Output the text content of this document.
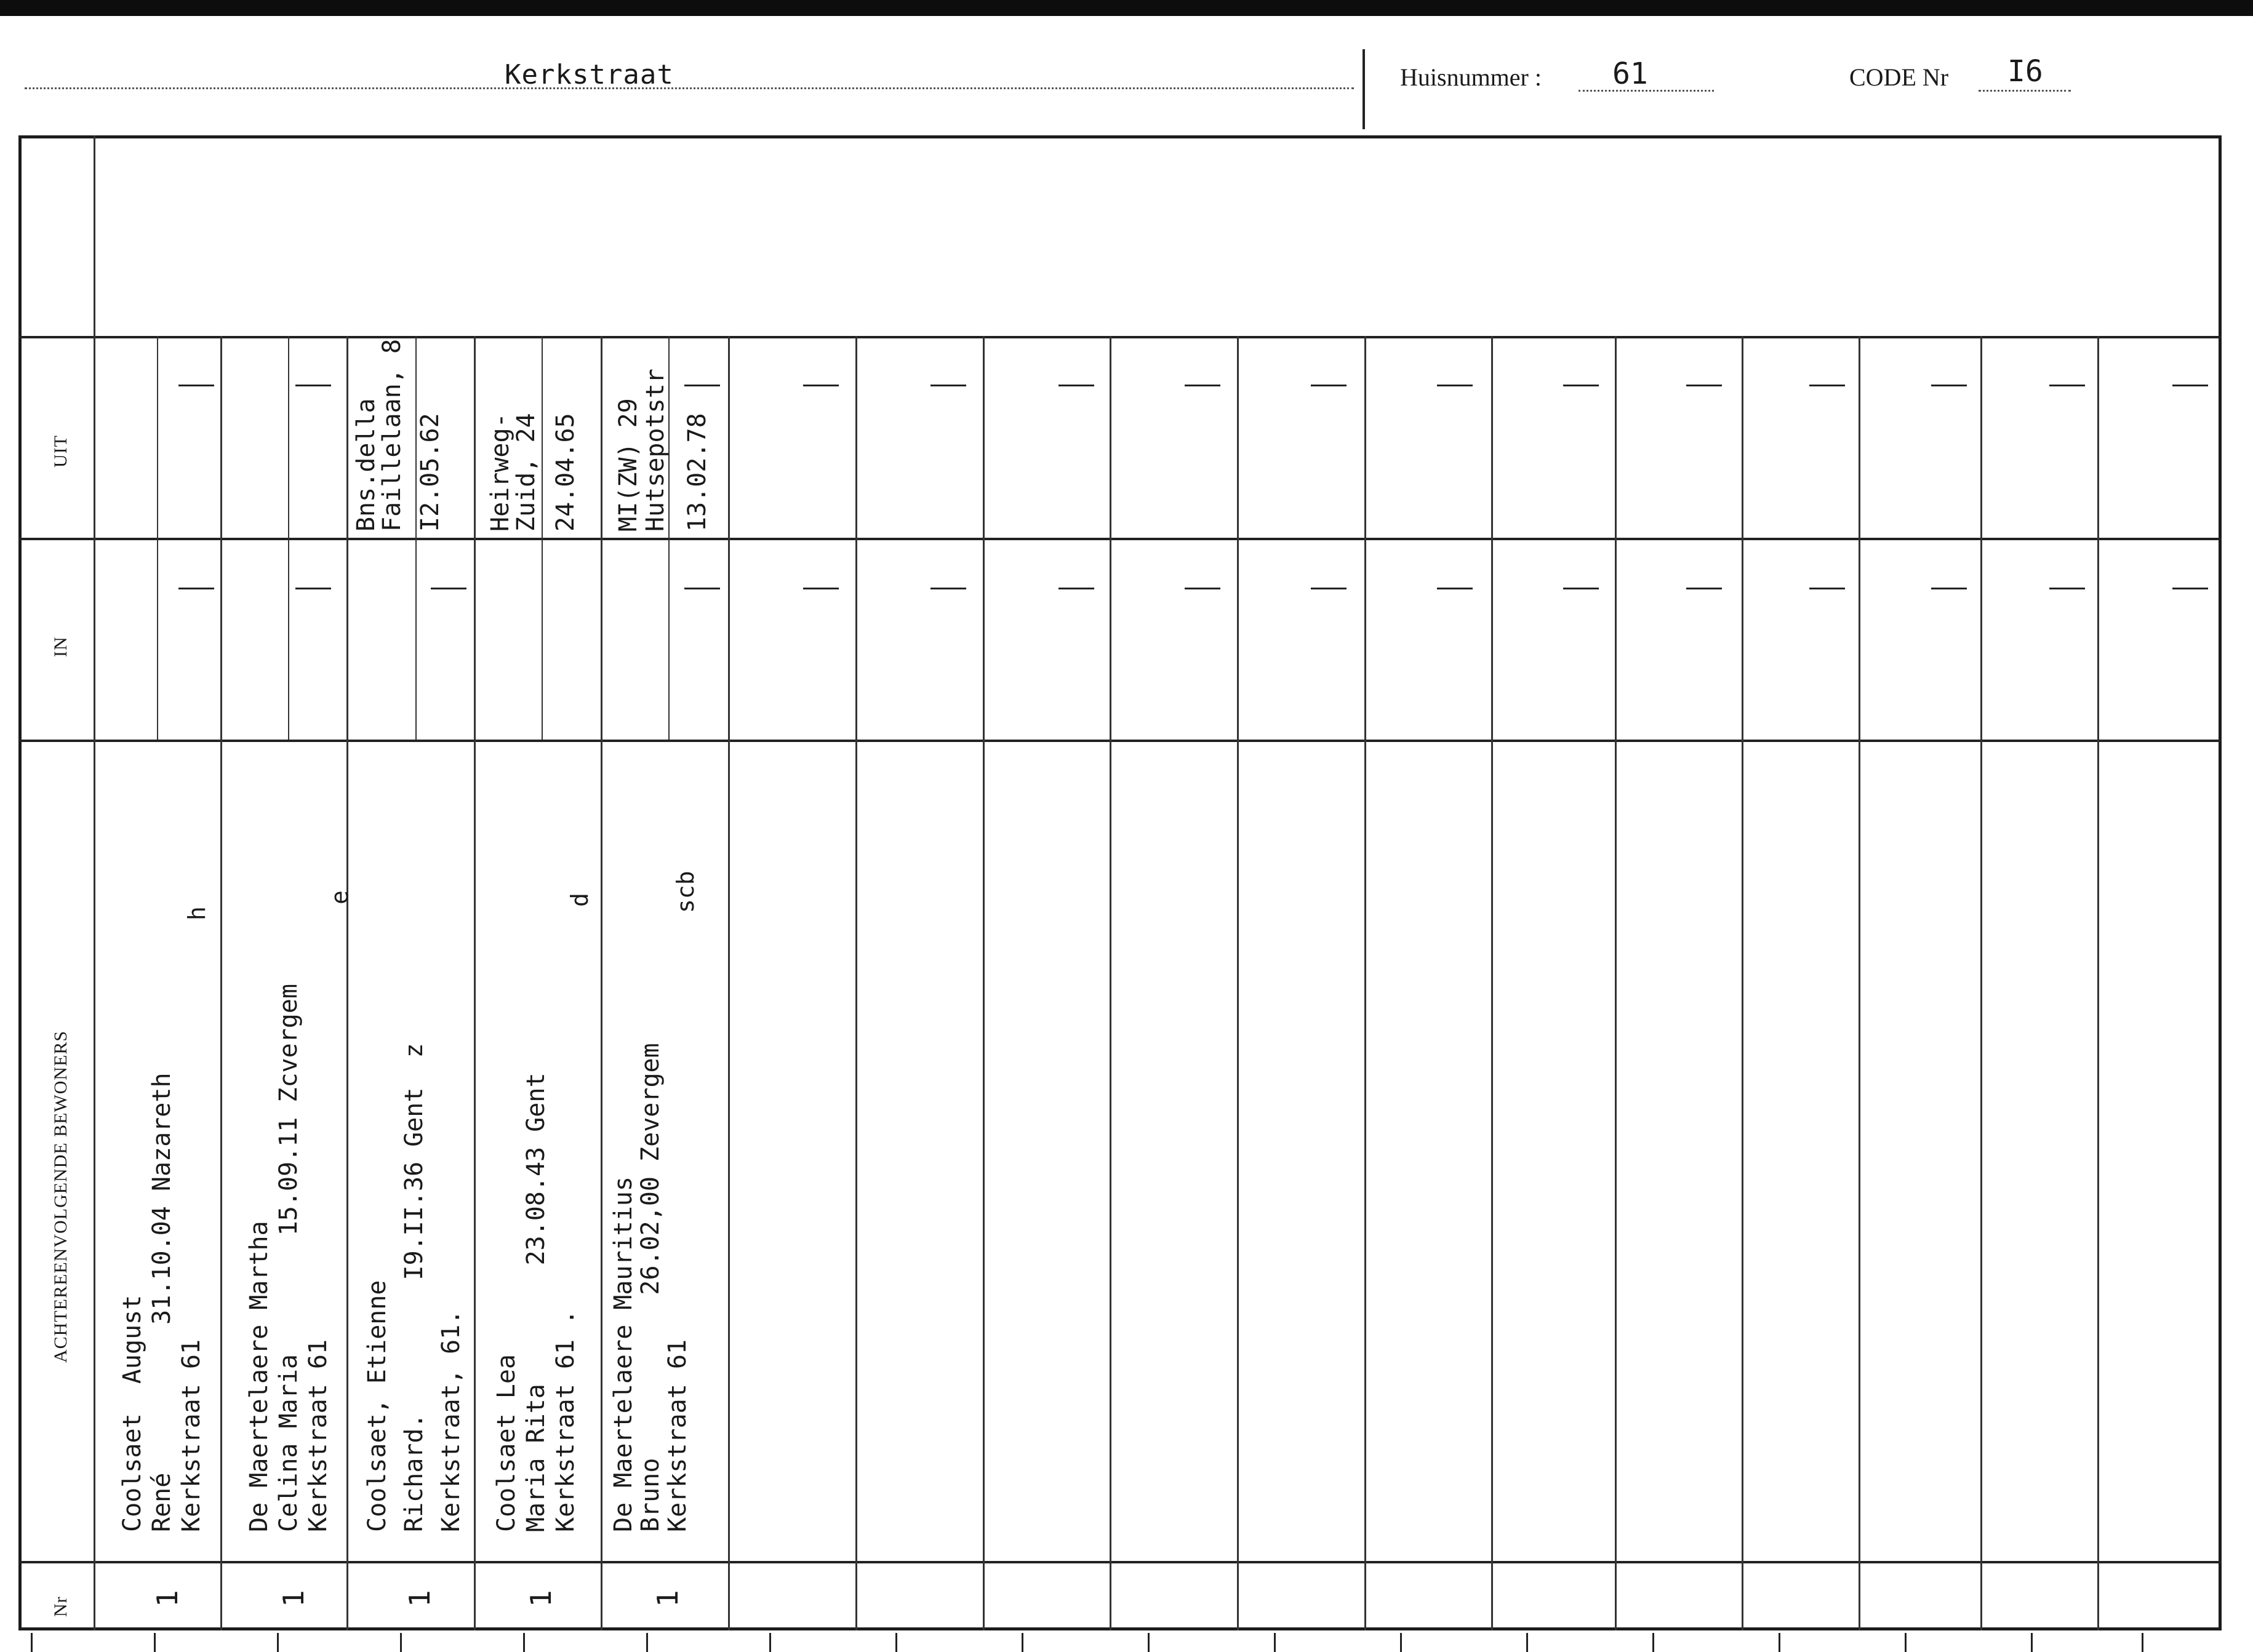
Kerkstraat	Huisnummer : 61	CODE Nr I6
UIT
IN
ACHTEREENVOLGENDE BEWONERS
Nr
Coolsaet  August René          31.10.04 Nazareth Kerkstraat 61
h
1
De Maertelaere Martha Celina Maria        15.09.11 Zcvergem Kerkstraat 61
e
1
Coolsaet, Etienne Richard.         I9.II.36 Gent  z Kerkstraat, 61.
1
Bns.della
Faillelaan, 8 I2.05.62
Coolsaet Lea Maria Rita        23.08.43 Gent Kerkstraat 61 .
d
1
Heirweg-
Zuid, 24 24.04.65
De Maertelaere Mauritius
Bruno           26.02,00 Zevergem
Kerkstraat 61
scb
1
MI(ZW) 29
Hutsepotstr 13.02.78
